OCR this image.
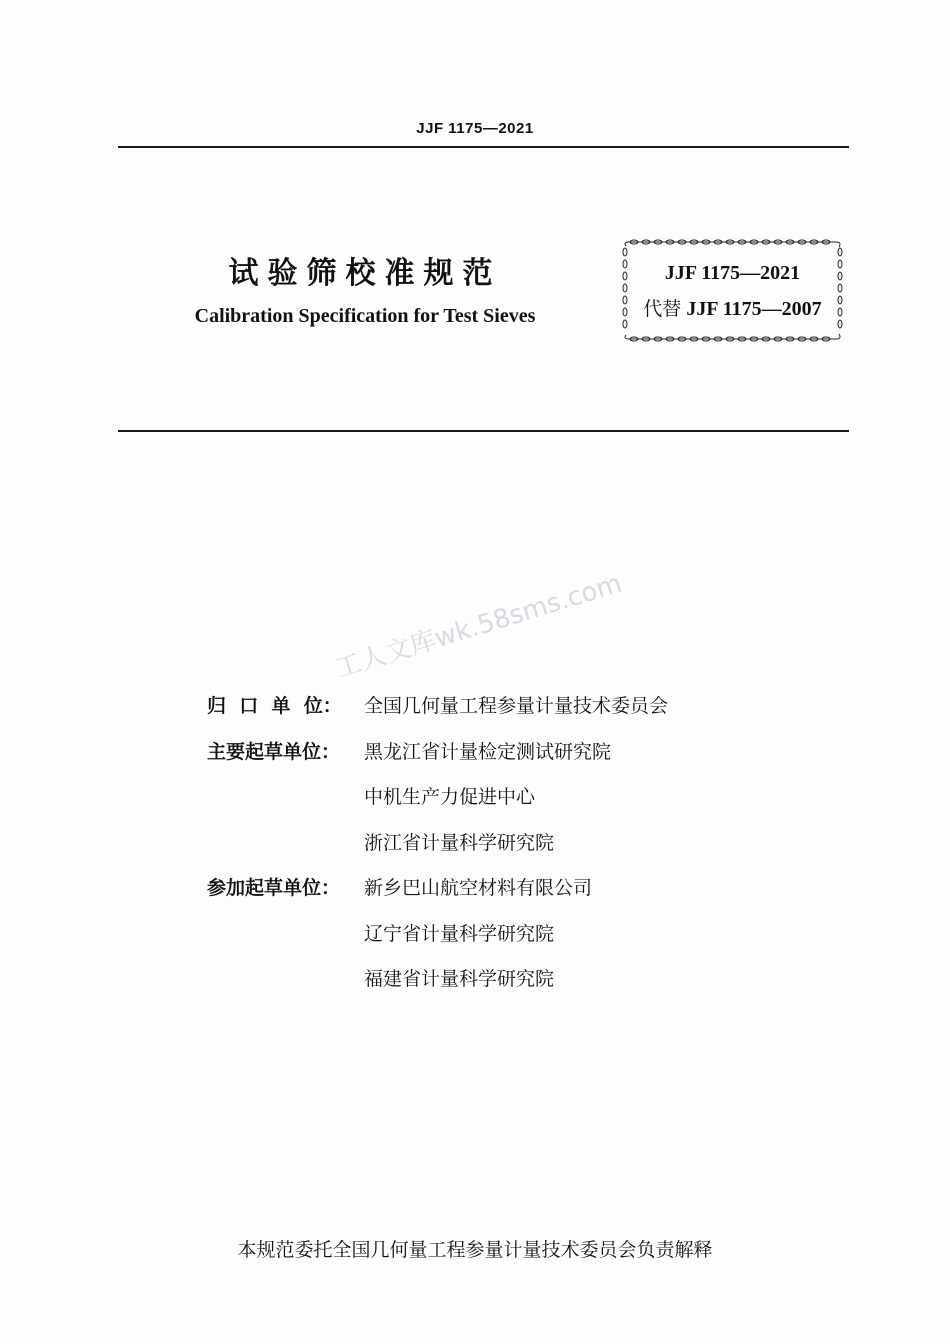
JJF 1175—2021
试验筛校准规范
Calibration Specification for Test Sieves
JJF 1175—2021
代替 JJF 1175—2007
工人文库wk.58sms.com
归  口  单  位： 全国几何量工程参量计量技术委员会
主要起草单位： 黑龙江省计量检定测试研究院
中机生产力促进中心
浙江省计量科学研究院
参加起草单位： 新乡巴山航空材料有限公司
辽宁省计量科学研究院
福建省计量科学研究院
本规范委托全国几何量工程参量计量技术委员会负责解释
